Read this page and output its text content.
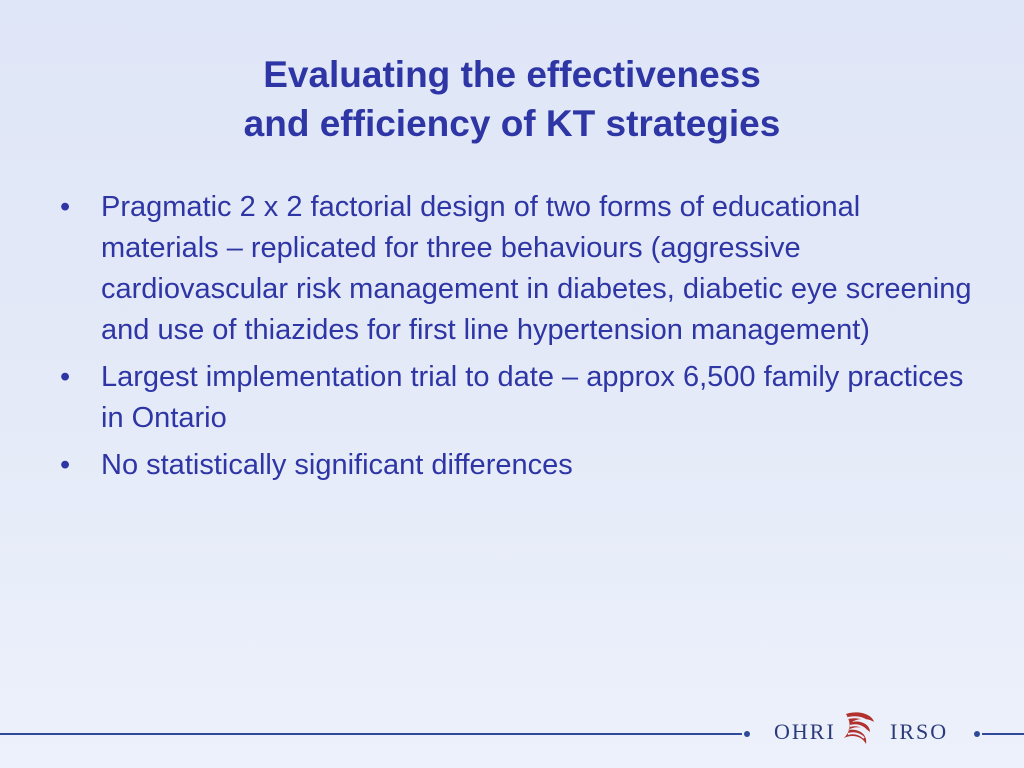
Evaluating the effectiveness
and efficiency of KT strategies
•	Pragmatic 2 x 2 factorial design of two forms of educational materials – replicated for three behaviours (aggressive cardiovascular risk management in diabetes, diabetic eye screening and use of thiazides for first line hypertension management)
•	Largest implementation trial to date – approx 6,500 family practices in Ontario
•	No statistically significant differences
OHRI IRSO
